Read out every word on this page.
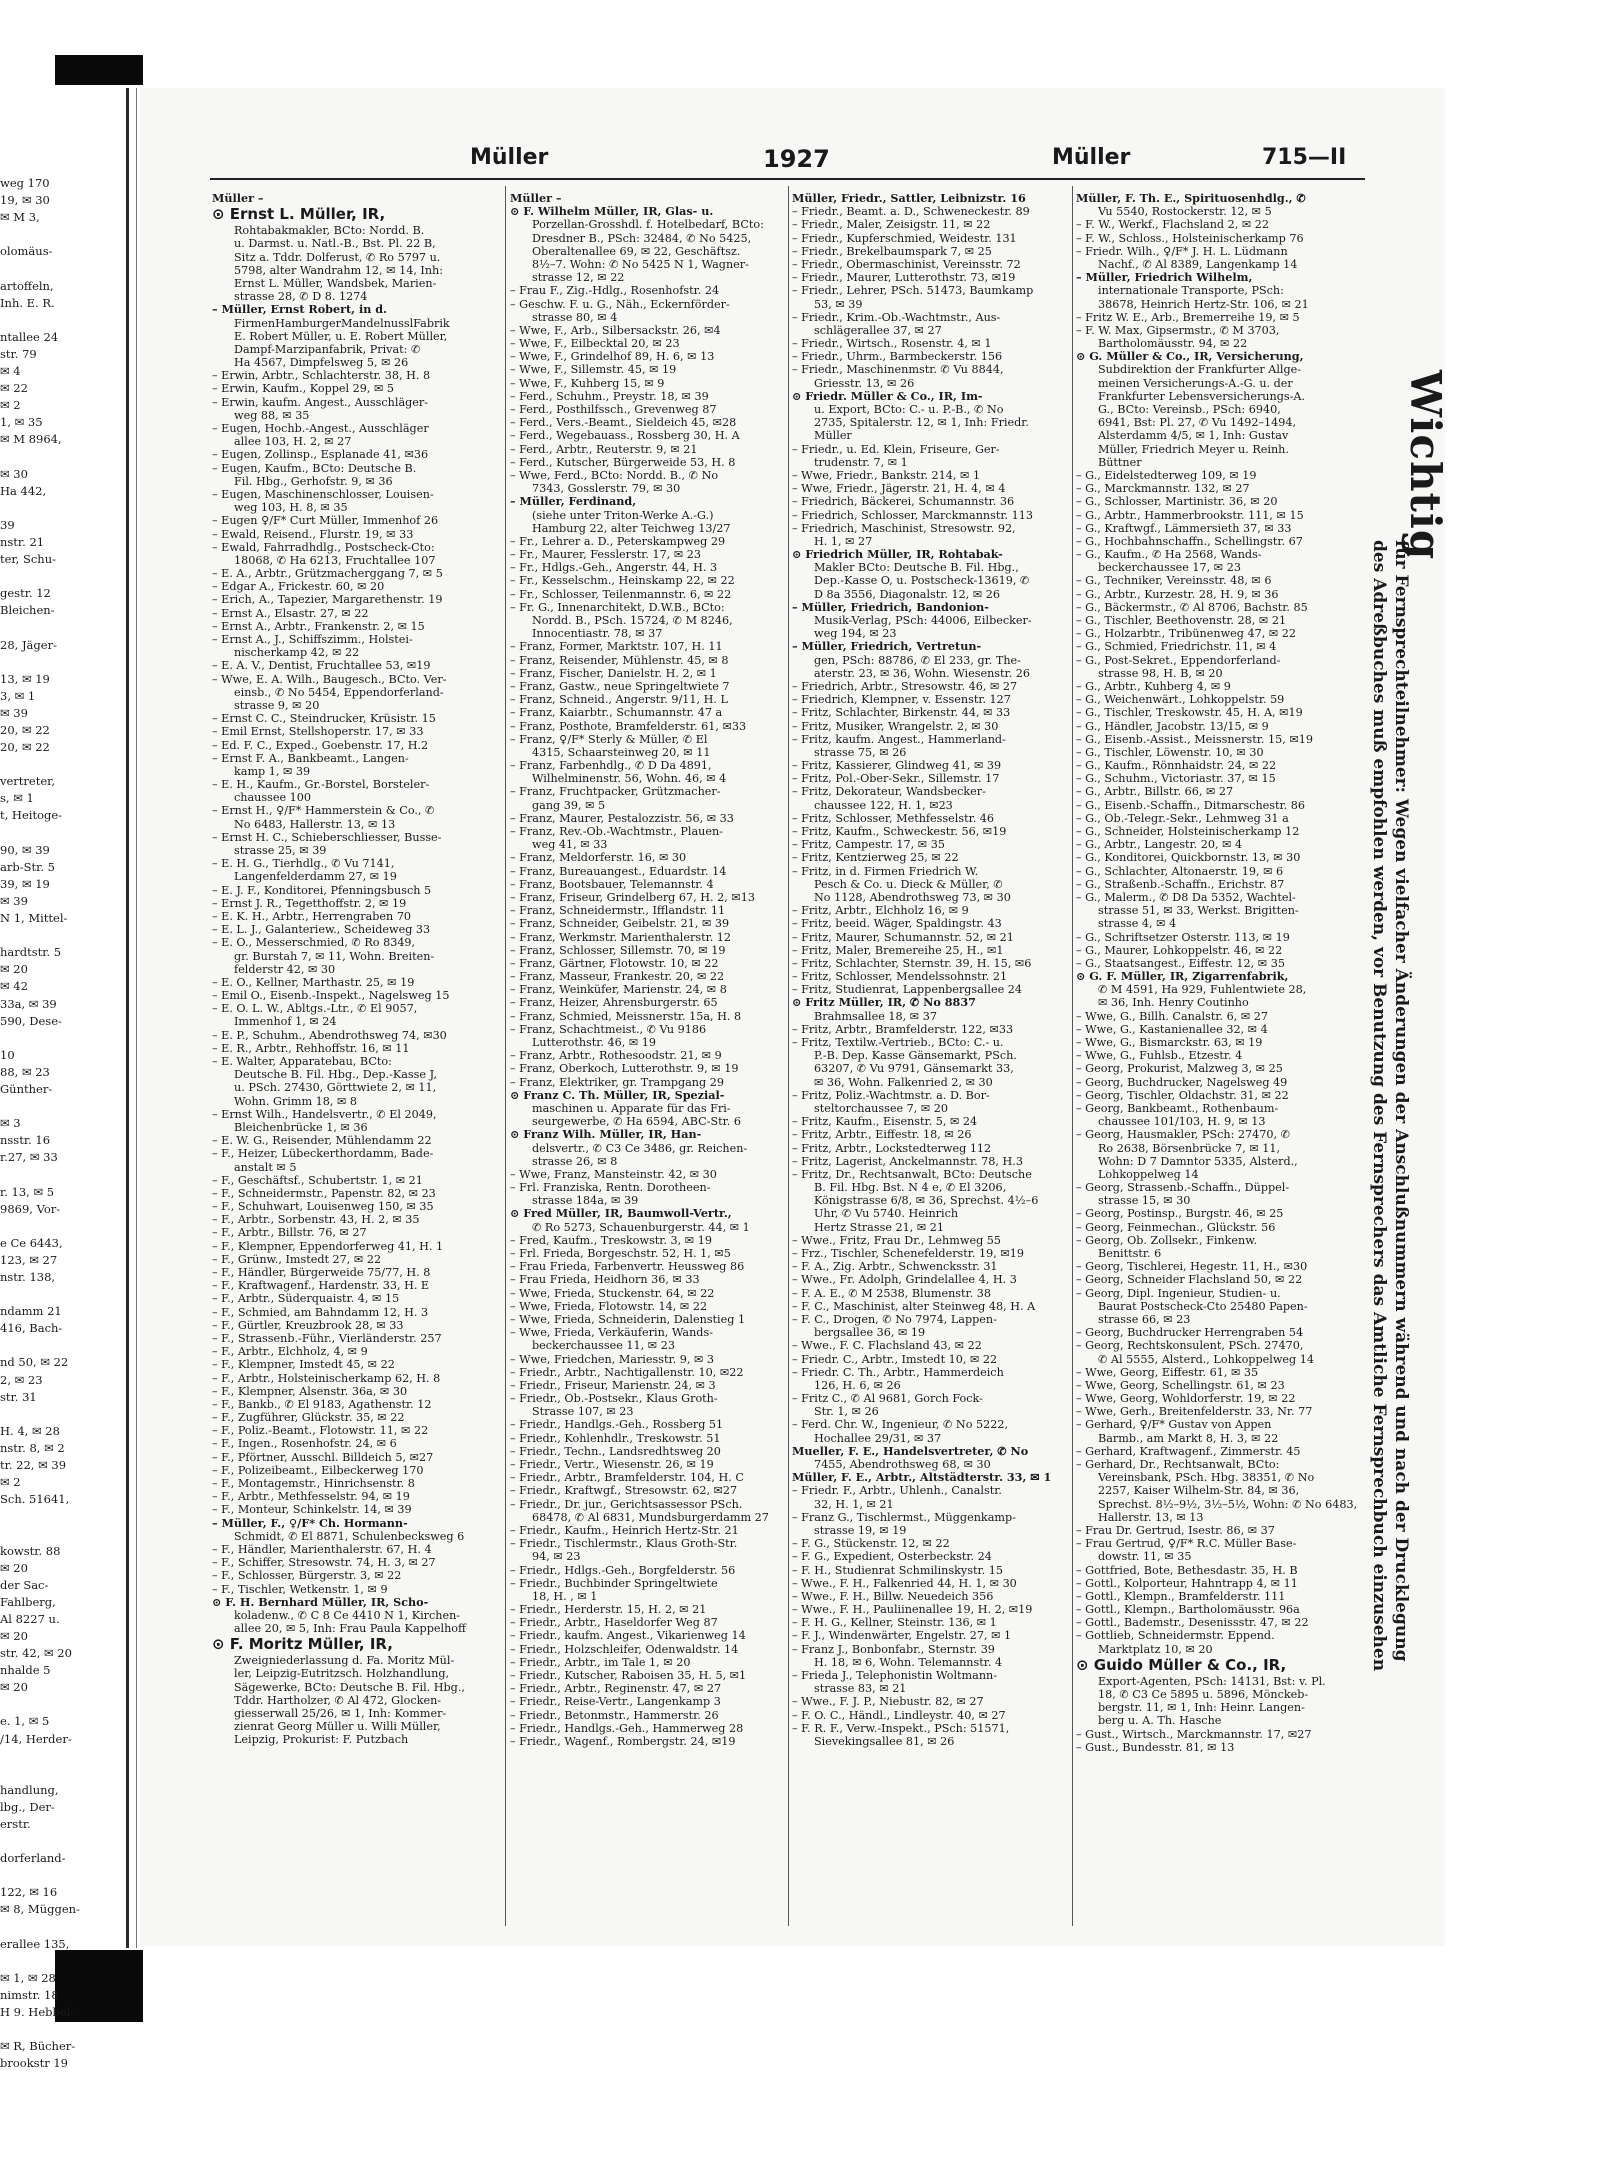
weg 170
19, ✉ 30
✉ M 3,
olomäus-
artoffeln,
Inh. E. R.
ntallee 24
str. 79
✉ 4
✉ 22
✉ 2
1, ✉ 35
✉ M 8964,
✉ 30
Ha 442,
39
nstr. 21
ter, Schu-
gestr. 12
Bleichen-
28, Jäger-
13, ✉ 19
3, ✉ 1
✉ 39
20, ✉ 22
20, ✉ 22
vertreter,
s, ✉ 1
t, Heitoge-
90, ✉ 39
arb-Str. 5
39, ✉ 19
✉ 39
N 1, Mittel-
hardtstr. 5
✉ 20
✉ 42
33a, ✉ 39
590, Dese-
10
88, ✉ 23
Günther-
✉ 3
nsstr. 16
r.27, ✉ 33
r. 13, ✉ 5
9869, Vor-
e Ce 6443,
123, ✉ 27
nstr. 138,
ndamm 21
416, Bach-
nd 50, ✉ 22
2, ✉ 23
str. 31
H. 4, ✉ 28
nstr. 8, ✉ 2
tr. 22, ✉ 39
✉ 2
Sch. 51641,
kowstr. 88
✉ 20
der Sac-
Fahlberg,
Al 8227 u.
✉ 20
str. 42, ✉ 20
nhalde 5
✉ 20
e. 1, ✉ 5
/14, Herder-
handlung,
lbg., Der-
erstr.
dorferland-
122, ✉ 16
✉ 8, Müggen-
erallee 135,
✉ 1, ✉ 28
nimstr. 18
H 9. Hebbel-
✉ R, Bücher-
brookstr 19
Müller	1927	Müller	715—II
Müller –
⊙ Ernst L. Müller, IR,
Rohtabakmakler, BCto: Nordd. B.
u. Darmst. u. Natl.-B., Bst. Pl. 22 B,
Sitz a. Tddr. Dolferust, ✆ Ro 5797 u.
5798, alter Wandrahm 12, ✉ 14, Inh:
Ernst L. Müller, Wandsbek, Marien-
strasse 28, ✆ D 8. 1274
– Müller, Ernst Robert, in d.
FirmenHamburgerMandelnusslFabrik
E. Robert Müller, u. E. Robert Müller,
Dampf-Marzipanfabrik, Privat: ✆
Ha 4567, Dimpfelsweg 5, ✉ 26
– Erwin, Arbtr., Schlachterstr. 38, H. 8
– Erwin, Kaufm., Koppel 29, ✉ 5
– Erwin, kaufm. Angest., Ausschläger-
weg 88, ✉ 35
– Eugen, Hochb.-Angest., Ausschläger
allee 103, H. 2, ✉ 27
– Eugen, Zollinsp., Esplanade 41, ✉36
– Eugen, Kaufm., BCto: Deutsche B.
Fil. Hbg., Gerhofstr. 9, ✉ 36
– Eugen, Maschinenschlosser, Louisen-
weg 103, H. 8, ✉ 35
– Eugen ♀/F* Curt Müller, Immenhof 26
– Ewald, Reisend., Flurstr. 19, ✉ 33
– Ewald, Fahrradhdlg., Postscheck-Cto:
18068, ✆ Ha 6213, Fruchtallee 107
– E. A., Arbtr., Grützmacherggang 7, ✉ 5
– Edgar A., Frickestr. 60, ✉ 20
– Erich, A., Tapezier, Margarethenstr. 19
– Ernst A., Elsastr. 27, ✉ 22
– Ernst A., Arbtr., Frankenstr. 2, ✉ 15
– Ernst A., J., Schiffszimm., Holstei-
nischerkamp 42, ✉ 22
– E. A. V., Dentist, Fruchtallee 53, ✉19
– Wwe, E. A. Wilh., Baugesch., BCto. Ver-
einsb., ✆ No 5454, Eppendorferland-
strasse 9, ✉ 20
– Ernst C. C., Steindrucker, Krüsistr. 15
– Emil Ernst, Stellshoperstr. 17, ✉ 33
– Ed. F. C., Exped., Goebenstr. 17, H.2
– Ernst F. A., Bankbeamt., Langen-
kamp 1, ✉ 39
– E. H., Kaufm., Gr.-Borstel, Borsteler-
chaussee 100
– Ernst H., ♀/F* Hammerstein & Co., ✆
No 6483, Hallerstr. 13, ✉ 13
– Ernst H. C., Schieberschliesser, Busse-
strasse 25, ✉ 39
– E. H. G., Tierhdlg., ✆ Vu 7141,
Langenfelderdamm 27, ✉ 19
– E. J. F., Konditorei, Pfenningsbusch 5
– Ernst J. R., Tegetthoffstr. 2, ✉ 19
– E. K. H., Arbtr., Herrengraben 70
– E. L. J., Galanteriew., Scheideweg 33
– E. O., Messerschmied, ✆ Ro 8349,
gr. Burstah 7, ✉ 11, Wohn. Breiten-
felderstr 42, ✉ 30
– E. O., Kellner, Marthastr. 25, ✉ 19
– Emil O., Eisenb.-Inspekt., Nagelsweg 15
– E. O. L. W., Abltgs.-Ltr., ✆ El 9057,
Immenhof 1, ✉ 24
– E. P., Schuhm., Abendrothsweg 74, ✉30
– E. R., Arbtr., Rehhoffstr. 16, ✉ 11
– E. Walter, Apparatebau, BCto:
Deutsche B. Fil. Hbg., Dep.-Kasse J,
u. PSch. 27430, Görttwiete 2, ✉ 11,
Wohn. Grimm 18, ✉ 8
– Ernst Wilh., Handelsvertr., ✆ El 2049,
Bleichenbrücke 1, ✉ 36
– E. W. G., Reisender, Mühlendamm 22
– F., Heizer, Lübeckerthordamm, Bade-
anstalt ✉ 5
– F., Geschäftsf., Schubertstr. 1, ✉ 21
– F., Schneidermstr., Papenstr. 82, ✉ 23
– F., Schuhwart, Louisenweg 150, ✉ 35
– F., Arbtr., Sorbenstr. 43, H. 2, ✉ 35
– F., Arbtr., Billstr. 76, ✉ 27
– F., Klempner, Eppendorferweg 41, H. 1
– F., Grünw., Imstedt 27, ✉ 22
– F., Händler, Bürgerweide 75/77, H. 8
– F., Kraftwagenf., Hardenstr. 33, H. E
– F., Arbtr., Süderquaistr. 4, ✉ 15
– F., Schmied, am Bahndamm 12, H. 3
– F., Gürtler, Kreuzbrook 28, ✉ 33
– F., Strassenb.-Führ., Vierländerstr. 257
– F., Arbtr., Elchholz, 4, ✉ 9
– F., Klempner, Imstedt 45, ✉ 22
– F., Arbtr., Holsteinischerkamp 62, H. 8
– F., Klempner, Alsenstr. 36a, ✉ 30
– F., Bankb., ✆ El 9183, Agathenstr. 12
– F., Zugführer, Glückstr. 35, ✉ 22
– F., Poliz.-Beamt., Flotowstr. 11, ✉ 22
– F., Ingen., Rosenhofstr. 24, ✉ 6
– F., Pförtner, Ausschl. Billdeich 5, ✉27
– F., Polizeibeamt., Eilbeckerweg 170
– F., Montagemstr., Hinrichsenstr. 8
– F., Arbtr., Methfesselstr. 94, ✉ 19
– F., Monteur, Schinkelstr. 14, ✉ 39
– Müller, F., ♀/F* Ch. Hormann-
Schmidt, ✆ El 8871, Schulenbecksweg 6
– F., Händler, Marienthalerstr. 67, H. 4
– F., Schiffer, Stresowstr. 74, H. 3, ✉ 27
– F., Schlosser, Bürgerstr. 3, ✉ 22
– F., Tischler, Wetkenstr. 1, ✉ 9
⊙ F. H. Bernhard Müller, IR, Scho-
koladenw., ✆ C 8 Ce 4410 N 1, Kirchen-
allee 20, ✉ 5, Inh: Frau Paula Kappelhoff
⊙ F. Moritz Müller, IR,
Zweigniederlassung d. Fa. Moritz Mül-
ler, Leipzig-Eutritzsch. Holzhandlung,
Sägewerke, BCto: Deutsche B. Fil. Hbg.,
Tddr. Hartholzer, ✆ Al 472, Glocken-
giesserwall 25/26, ✉ 1, Inh: Kommer-
zienrat Georg Müller u. Willi Müller,
Leipzig, Prokurist: F. Putzbach
Müller –
⊙ F. Wilhelm Müller, IR, Glas- u.
Porzellan-Grosshdl. f. Hotelbedarf, BCto:
Dresdner B., PSch: 32484, ✆ No 5425,
Oberaltenallee 69, ✉ 22, Geschäftsz.
8½–7. Wohn: ✆ No 5425 N 1, Wagner-
strasse 12, ✉ 22
– Frau F., Zig.-Hdlg., Rosenhofstr. 24
– Geschw. F. u. G., Näh., Eckernförder-
strasse 80, ✉ 4
– Wwe, F., Arb., Silbersackstr. 26, ✉4
– Wwe, F., Eilbecktal 20, ✉ 23
– Wwe, F., Grindelhof 89, H. 6, ✉ 13
– Wwe, F., Sillemstr. 45, ✉ 19
– Wwe, F., Kuhberg 15, ✉ 9
– Ferd., Schuhm., Preystr. 18, ✉ 39
– Ferd., Posthilfssch., Grevenweg 87
– Ferd., Vers.-Beamt., Sieldeich 45, ✉28
– Ferd., Wegebauass., Rossberg 30, H. A
– Ferd., Arbtr., Reuterstr. 9, ✉ 21
– Ferd., Kutscher, Bürgerweide 53, H. 8
– Wwe, Ferd., BCto: Nordd. B., ✆ No
7343, Gosslerstr. 79, ✉ 30
– Müller, Ferdinand,
(siehe unter Triton-Werke A.-G.)
Hamburg 22, alter Teichweg 13/27
– Fr., Lehrer a. D., Peterskampweg 29
– Fr., Maurer, Fesslerstr. 17, ✉ 23
– Fr., Hdlgs.-Geh., Angerstr. 44, H. 3
– Fr., Kesselschm., Heinskamp 22, ✉ 22
– Fr., Schlosser, Teilenmannstr. 6, ✉ 22
– Fr. G., Innenarchitekt, D.W.B., BCto:
Nordd. B., PSch. 15724, ✆ M 8246,
Innocentiastr. 78, ✉ 37
– Franz, Former, Marktstr. 107, H. 11
– Franz, Reisender, Mühlenstr. 45, ✉ 8
– Franz, Fischer, Danielstr. H. 2, ✉ 1
– Franz, Gastw., neue Springeltwiete 7
– Franz, Schneid., Angerstr. 9/11, H. L
– Franz, Kaiarbtr., Schumannstr. 47 a
– Franz, Posthote, Bramfelderstr. 61, ✉33
– Franz, ♀/F* Sterly & Müller, ✆ El
4315, Schaarsteinweg 20, ✉ 11
– Franz, Farbenhdlg., ✆ D Da 4891,
Wilhelminenstr. 56, Wohn. 46, ✉ 4
– Franz, Fruchtpacker, Grützmacher-
gang 39, ✉ 5
– Franz, Maurer, Pestalozzistr. 56, ✉ 33
– Franz, Rev.-Ob.-Wachtmstr., Plauen-
weg 41, ✉ 33
– Franz, Meldorferstr. 16, ✉ 30
– Franz, Bureauangest., Eduardstr. 14
– Franz, Bootsbauer, Telemannstr. 4
– Franz, Friseur, Grindelberg 67, H. 2, ✉13
– Franz, Schneidermstr., Ifflandstr. 11
– Franz, Schneider, Geibelstr. 21, ✉ 39
– Franz, Werkmstr. Marienthalerstr. 12
– Franz, Schlosser, Sillemstr. 70, ✉ 19
– Franz, Gärtner, Flotowstr. 10, ✉ 22
– Franz, Masseur, Frankestr. 20, ✉ 22
– Franz, Weinküfer, Marienstr. 24, ✉ 8
– Franz, Heizer, Ahrensburgerstr. 65
– Franz, Schmied, Meissnerstr. 15a, H. 8
– Franz, Schachtmeist., ✆ Vu 9186
Lutterothstr. 46, ✉ 19
– Franz, Arbtr., Rothesoodstr. 21, ✉ 9
– Franz, Oberkoch, Lutterothstr. 9, ✉ 19
– Franz, Elektriker, gr. Trampgang 29
⊙ Franz C. Th. Müller, IR, Spezial-
maschinen u. Apparate für das Fri-
seurgewerbe, ✆ Ha 6594, ABC-Str. 6
⊙ Franz Wilh. Müller, IR, Han-
delsvertr., ✆ C3 Ce 3486, gr. Reichen-
strasse 26, ✉ 8
– Wwe, Franz, Mansteinstr. 42, ✉ 30
– Frl. Franziska, Rentn. Dorotheen-
strasse 184a, ✉ 39
⊙ Fred Müller, IR, Baumwoll-Vertr.,
✆ Ro 5273, Schauenburgerstr. 44, ✉ 1
– Fred, Kaufm., Treskowstr. 3, ✉ 19
– Frl. Frieda, Borgeschstr. 52, H. 1, ✉5
– Frau Frieda, Farbenvertr. Heussweg 86
– Frau Frieda, Heidhorn 36, ✉ 33
– Wwe, Frieda, Stuckenstr. 64, ✉ 22
– Wwe, Frieda, Flotowstr. 14, ✉ 22
– Wwe, Frieda, Schneiderin, Dalenstieg 1
– Wwe, Frieda, Verkäuferin, Wands-
beckerchaussee 11, ✉ 23
– Wwe, Friedchen, Mariesstr. 9, ✉ 3
– Friedr., Arbtr., Nachtigallenstr. 10, ✉22
– Friedr., Friseur, Marienstr. 24, ✉ 3
– Friedr., Ob.-Postsekr., Klaus Groth-
Strasse 107, ✉ 23
– Friedr., Handlgs.-Geh., Rossberg 51
– Friedr., Kohlenhdlr., Treskowstr. 51
– Friedr., Techn., Landsredhtsweg 20
– Friedr., Vertr., Wiesenstr. 26, ✉ 19
– Friedr., Arbtr., Bramfelderstr. 104, H. C
– Friedr., Kraftwgf., Stresowstr. 62, ✉27
– Friedr., Dr. jur., Gerichtsassessor PSch.
68478, ✆ Al 6831, Mundsburgerdamm 27
– Friedr., Kaufm., Heinrich Hertz-Str. 21
– Friedr., Tischlermstr., Klaus Groth-Str.
94, ✉ 23
– Friedr., Hdlgs.-Geh., Borgfelderstr. 56
– Friedr., Buchbinder Springeltwiete
18, H. , ✉ 1
– Friedr., Herderstr. 15, H. 2, ✉ 21
– Friedr., Arbtr., Haseldorfer Weg 87
– Friedr., kaufm. Angest., Vikarienweg 14
– Friedr., Holzschleifer, Odenwaldstr. 14
– Friedr., Arbtr., im Tale 1, ✉ 20
– Friedr., Kutscher, Raboisen 35, H. 5, ✉1
– Friedr., Arbtr., Reginenstr. 47, ✉ 27
– Friedr., Reise-Vertr., Langenkamp 3
– Friedr., Betonmstr., Hammerstr. 26
– Friedr., Handlgs.-Geh., Hammerweg 28
– Friedr., Wagenf., Rombergstr. 24, ✉19
Müller, Friedr., Sattler, Leibnizstr. 16
– Friedr., Beamt. a. D., Schweneckestr. 89
– Friedr., Maler, Zeisigstr. 11, ✉ 22
– Friedr., Kupferschmied, Weidestr. 131
– Friedr., Brekelbaumspark 7, ✉ 25
– Friedr., Obermaschinist, Vereinsstr. 72
– Friedr., Maurer, Lutterothstr. 73, ✉19
– Friedr., Lehrer, PSch. 51473, Baumkamp
53, ✉ 39
– Friedr., Krim.-Ob.-Wachtmstr., Aus-
schlägerallee 37, ✉ 27
– Friedr., Wirtsch., Rosenstr. 4, ✉ 1
– Friedr., Uhrm., Barmbeckerstr. 156
– Friedr., Maschinenmstr. ✆ Vu 8844,
Griesstr. 13, ✉ 26
⊙ Friedr. Müller & Co., IR, Im-
u. Export, BCto: C.- u. P.-B., ✆ No
2735, Spitalerstr. 12, ✉ 1, Inh: Friedr.
Müller
– Friedr., u. Ed. Klein, Friseure, Ger-
trudenstr. 7, ✉ 1
– Wwe, Friedr., Bankstr. 214, ✉ 1
– Wwe, Friedr., Jägerstr. 21, H. 4, ✉ 4
– Friedrich, Bäckerei, Schumannstr. 36
– Friedrich, Schlosser, Marckmannstr. 113
– Friedrich, Maschinist, Stresowstr. 92,
H. 1, ✉ 27
⊙ Friedrich Müller, IR, Rohtabak-
Makler BCto: Deutsche B. Fil. Hbg.,
Dep.-Kasse O, u. Postscheck-13619, ✆
D 8a 3556, Diagonalstr. 12, ✉ 26
– Müller, Friedrich, Bandonion-
Musik-Verlag, PSch: 44006, Eilbecker-
weg 194, ✉ 23
– Müller, Friedrich, Vertretun-
gen, PSch: 88786, ✆ El 233, gr. The-
aterstr. 23, ✉ 36, Wohn. Wiesenstr. 26
– Friedrich, Arbtr., Stresowstr. 46, ✉ 27
– Friedrich, Klempner, v. Essenstr. 127
– Fritz, Schlachter, Birkenstr. 44, ✉ 33
– Fritz, Musiker, Wrangelstr. 2, ✉ 30
– Fritz, kaufm. Angest., Hammerland-
strasse 75, ✉ 26
– Fritz, Kassierer, Glindweg 41, ✉ 39
– Fritz, Pol.-Ober-Sekr., Sillemstr. 17
– Fritz, Dekorateur, Wandsbecker-
chaussee 122, H. 1, ✉23
– Fritz, Schlosser, Methfesselstr. 46
– Fritz, Kaufm., Schweckestr. 56, ✉19
– Fritz, Campestr. 17, ✉ 35
– Fritz, Kentzierweg 25, ✉ 22
– Fritz, in d. Firmen Friedrich W.
Pesch & Co. u. Dieck & Müller, ✆
No 1128, Abendrothsweg 73, ✉ 30
– Fritz, Arbtr., Elchholz 16, ✉ 9
– Fritz, beeid. Wäger, Spaldingstr. 43
– Fritz, Maurer, Schumannstr. 52, ✉ 21
– Fritz, Maler, Bremereihe 25, H., ✉1
– Fritz, Schlachter, Sternstr. 39, H. 15, ✉6
– Fritz, Schlosser, Mendelssohnstr. 21
– Fritz, Studienrat, Lappenbergsallee 24
⊙ Fritz Müller, IR, ✆ No 8837
Brahmsallee 18, ✉ 37
– Fritz, Arbtr., Bramfelderstr. 122, ✉33
– Fritz, Textilw.-Vertrieb., BCto: C.- u.
P.-B. Dep. Kasse Gänsemarkt, PSch.
63207, ✆ Vu 9791, Gänsemarkt 33,
✉ 36, Wohn. Falkenried 2, ✉ 30
– Fritz, Poliz.-Wachtmstr. a. D. Bor-
steltorchaussee 7, ✉ 20
– Fritz, Kaufm., Eisenstr. 5, ✉ 24
– Fritz, Arbtr., Eiffestr. 18, ✉ 26
– Fritz, Arbtr., Lockstedterweg 112
– Fritz, Lagerist, Anckelmannstr. 78, H.3
– Fritz, Dr., Rechtsanwalt, BCto: Deutsche
B. Fil. Hbg. Bst. N 4 e, ✆ El 3206,
Königstrasse 6/8, ✉ 36, Sprechst. 4½–6
Uhr, ✆ Vu 5740. Heinrich
Hertz Strasse 21, ✉ 21
– Wwe., Fritz, Frau Dr., Lehmweg 55
– Frz., Tischler, Schenefelderstr. 19, ✉19
– F. A., Zig. Arbtr., Schwencksstr. 31
– Wwe., Fr. Adolph, Grindelallee 4, H. 3
– F. A. E., ✆ M 2538, Blumenstr. 38
– F. C., Maschinist, alter Steinweg 48, H. A
– F. C., Drogen, ✆ No 7974, Lappen-
bergsallee 36, ✉ 19
– Wwe., F. C. Flachsland 43, ✉ 22
– Friedr. C., Arbtr., Imstedt 10, ✉ 22
– Friedr. C. Th., Arbtr., Hammerdeich
126, H. 6, ✉ 26
– Fritz C., ✆ Al 9681, Gorch Fock-
Str. 1, ✉ 26
– Ferd. Chr. W., Ingenieur, ✆ No 5222,
Hochallee 29/31, ✉ 37
Mueller, F. E., Handelsvertreter, ✆ No
7455, Abendrothsweg 68, ✉ 30
Müller, F. E., Arbtr., Altstädterstr. 33, ✉ 1
– Friedr. F., Arbtr., Uhlenh., Canalstr.
32, H. 1, ✉ 21
– Franz G., Tischlermst., Müggenkamp-
strasse 19, ✉ 19
– F. G., Stückenstr. 12, ✉ 22
– F. G., Expedient, Osterbeckstr. 24
– F. H., Studienrat Schmilinskystr. 15
– Wwe., F. H., Falkenried 44, H. 1, ✉ 30
– Wwe., F. H., Billw. Neuedeich 356
– Wwe., F. H., Pauliinenallee 19, H. 2, ✉19
– F. H. G., Kellner, Steinstr. 136, ✉ 1
– F. J., Windenwärter, Engelstr. 27, ✉ 1
– Franz J., Bonbonfabr., Sternstr. 39
H. 18, ✉ 6, Wohn. Telemannstr. 4
– Frieda J., Telephonistin Woltmann-
strasse 83, ✉ 21
– Wwe., F. J. P., Niebustr. 82, ✉ 27
– F. O. C., Händl., Lindleystr. 40, ✉ 27
– F. R. F., Verw.-Inspekt., PSch: 51571,
Sievekingsallee 81, ✉ 26
Müller, F. Th. E., Spirituosenhdlg., ✆
Vu 5540, Rostockerstr. 12, ✉ 5
– F. W., Werkf., Flachsland 2, ✉ 22
– F. W., Schloss., Holsteinischerkamp 76
– Friedr. Wilh., ♀/F* J. H. L. Lüdmann
Nachf., ✆ Al 8389, Langenkamp 14
– Müller, Friedrich Wilhelm,
internationale Transporte, PSch:
38678, Heinrich Hertz-Str. 106, ✉ 21
– Fritz W. E., Arb., Bremerreihe 19, ✉ 5
– F. W. Max, Gipsermstr., ✆ M 3703,
Bartholomäusstr. 94, ✉ 22
⊙ G. Müller & Co., IR, Versicherung,
Subdirektion der Frankfurter Allge-
meinen Versicherungs-A.-G. u. der
Frankfurter Lebensversicherungs-A.
G., BCto: Vereinsb., PSch: 6940,
6941, Bst: Pl. 27, ✆ Vu 1492–1494,
Alsterdamm 4/5, ✉ 1, Inh: Gustav
Müller, Friedrich Meyer u. Reinh.
Büttner
– G., Eidelstedterweg 109, ✉ 19
– G., Marckmannstr. 132, ✉ 27
– G., Schlosser, Martinistr. 36, ✉ 20
– G., Arbtr., Hammerbrookstr. 111, ✉ 15
– G., Kraftwgf., Lämmersieth 37, ✉ 33
– G., Hochbahnschaffn., Schellingstr. 67
– G., Kaufm., ✆ Ha 2568, Wands-
beckerchaussee 17, ✉ 23
– G., Techniker, Vereinsstr. 48, ✉ 6
– G., Arbtr., Kurzestr. 28, H. 9, ✉ 36
– G., Bäckermstr., ✆ Al 8706, Bachstr. 85
– G., Tischler, Beethovenstr. 28, ✉ 21
– G., Holzarbtr., Tribünenweg 47, ✉ 22
– G., Schmied, Friedrichstr. 11, ✉ 4
– G., Post-Sekret., Eppendorferland-
strasse 98, H. B, ✉ 20
– G., Arbtr., Kuhberg 4, ✉ 9
– G., Weichenwärt., Lohkoppelstr. 59
– G., Tischler, Treskowstr. 45, H. A, ✉19
– G., Händler, Jacobstr. 13/15, ✉ 9
– G., Eisenb.-Assist., Meissnerstr. 15, ✉19
– G., Tischler, Löwenstr. 10, ✉ 30
– G., Kaufm., Rönnhaidstr. 24, ✉ 22
– G., Schuhm., Victoriastr. 37, ✉ 15
– G., Arbtr., Billstr. 66, ✉ 27
– G., Eisenb.-Schaffn., Ditmarschestr. 86
– G., Ob.-Telegr.-Sekr., Lehmweg 31 a
– G., Schneider, Holsteinischerkamp 12
– G., Arbtr., Langestr. 20, ✉ 4
– G., Konditorei, Quickbornstr. 13, ✉ 30
– G., Schlachter, Altonaerstr. 19, ✉ 6
– G., Straßenb.-Schaffn., Erichstr. 87
– G., Malerm., ✆ D8 Da 5352, Wachtel-
strasse 51, ✉ 33, Werkst. Brigitten-
strasse 4, ✉ 4
– G., Schriftsetzer Osterstr. 113, ✉ 19
– G., Maurer, Lohkoppelstr. 46, ✉ 22
– G., Staatsangest., Eiffestr. 12, ✉ 35
⊙ G. F. Müller, IR, Zigarrenfabrik,
✆ M 4591, Ha 929, Fuhlentwiete 28,
✉ 36, Inh. Henry Coutinho
– Wwe, G., Billh. Canalstr. 6, ✉ 27
– Wwe, G., Kastanienallee 32, ✉ 4
– Wwe, G., Bismarckstr. 63, ✉ 19
– Wwe, G., Fuhlsb., Etzestr. 4
– Georg, Prokurist, Malzweg 3, ✉ 25
– Georg, Buchdrucker, Nagelsweg 49
– Georg, Tischler, Oldachstr. 31, ✉ 22
– Georg, Bankbeamt., Rothenbaum-
chaussee 101/103, H. 9, ✉ 13
– Georg, Hausmakler, PSch: 27470, ✆
Ro 2638, Börsenbrücke 7, ✉ 11,
Wohn: D 7 Damntor 5335, Alsterd.,
Lohkoppelweg 14
– Georg, Strassenb.-Schaffn., Düppel-
strasse 15, ✉ 30
– Georg, Postinsp., Burgstr. 46, ✉ 25
– Georg, Feinmechan., Glückstr. 56
– Georg, Ob. Zollsekr., Finkenw.
Benittstr. 6
– Georg, Tischlerei, Hegestr. 11, H., ✉30
– Georg, Schneider Flachsland 50, ✉ 22
– Georg, Dipl. Ingenieur, Studien- u.
Baurat Postscheck-Cto 25480 Papen-
strasse 66, ✉ 23
– Georg, Buchdrucker Herrengraben 54
– Georg, Rechtskonsulent, PSch. 27470,
✆ Al 5555, Alsterd., Lohkoppelweg 14
– Wwe, Georg, Eiffestr. 61, ✉ 35
– Wwe, Georg, Schellingstr. 61, ✉ 23
– Wwe, Georg, Wohldorferstr. 19, ✉ 22
– Wwe, Gerh., Breitenfelderstr. 33, Nr. 77
– Gerhard, ♀/F* Gustav von Appen
Barmb., am Markt 8, H. 3, ✉ 22
– Gerhard, Kraftwagenf., Zimmerstr. 45
– Gerhard, Dr., Rechtsanwalt, BCto:
Vereinsbank, PSch. Hbg. 38351, ✆ No
2257, Kaiser Wilhelm-Str. 84, ✉ 36,
Sprechst. 8½–9½, 3½–5½, Wohn: ✆ No 6483,
Hallerstr. 13, ✉ 13
– Frau Dr. Gertrud, Isestr. 86, ✉ 37
– Frau Gertrud, ♀/F* R.C. Müller Base-
dowstr. 11, ✉ 35
– Gottfried, Bote, Bethesdastr. 35, H. B
– Gottl., Kolporteur, Hahntrapp 4, ✉ 11
– Gottl., Klempn., Bramfelderstr. 111
– Gottl., Klempn., Bartholomäusstr. 96a
– Gottl., Bademstr., Desenissstr. 47, ✉ 22
– Gottlieb, Schneidermstr. Eppend.
Marktplatz 10, ✉ 20
⊙ Guido Müller & Co., IR,
Export-Agenten, PSch: 14131, Bst: v. Pl.
18, ✆ C3 Ce 5895 u. 5896, Mönckeb-
bergstr. 11, ✉ 1, Inh: Heinr. Langen-
berg u. A. Th. Hasche
– Gust., Wirtsch., Marckmannstr. 17, ✉27
– Gust., Bundesstr. 81, ✉ 13
Wichtig
für Fernsprechteilnehmer: Wegen vielfacher Änderungen der Anschlußnummern während und nach der Drucklegung
des Adreßbuches muß empfohlen werden, vor Benutzung des Fernsprechers das Amtliche Fernsprechbuch einzusehen
